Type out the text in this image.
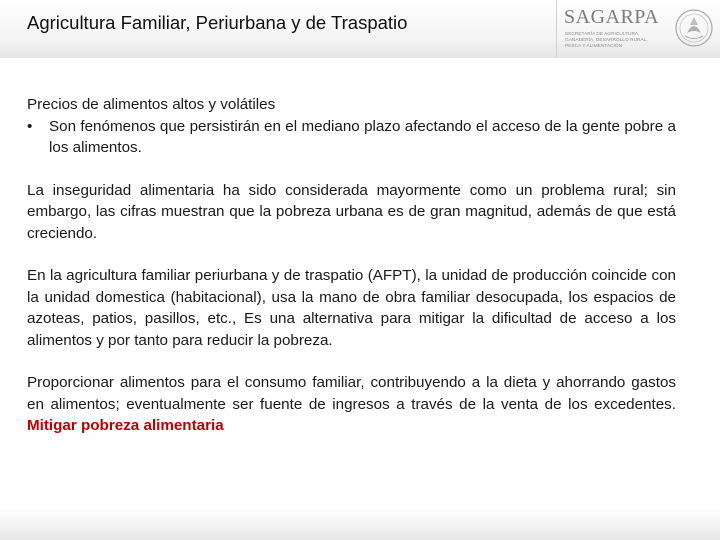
Agricultura Familiar, Periurbana y de Traspatio	SAGARPA
SECRETARÍA DE AGRICULTURA, GANADERÍA, DESARROLLO RURAL, PESCA Y ALIMENTACIÓN
Precios de alimentos altos y volátiles
•	Son fenómenos que persistirán en el mediano plazo afectando el acceso de la gente pobre a los alimentos.

La inseguridad alimentaria ha sido considerada mayormente como un problema rural; sin embargo, las cifras muestran que la pobreza urbana es de gran magnitud, además de que está creciendo.

En la agricultura familiar periurbana y de traspatio (AFPT), la unidad de producción coincide con la unidad domestica (habitacional), usa la mano de obra familiar desocupada, los espacios de azoteas, patios, pasillos, etc., Es una alternativa para mitigar la dificultad de acceso a los alimentos y por tanto para reducir la pobreza.

Proporcionar alimentos para el consumo familiar, contribuyendo a la dieta y ahorrando gastos en alimentos; eventualmente ser fuente de ingresos a través de la venta de los excedentes. Mitigar pobreza alimentaria
